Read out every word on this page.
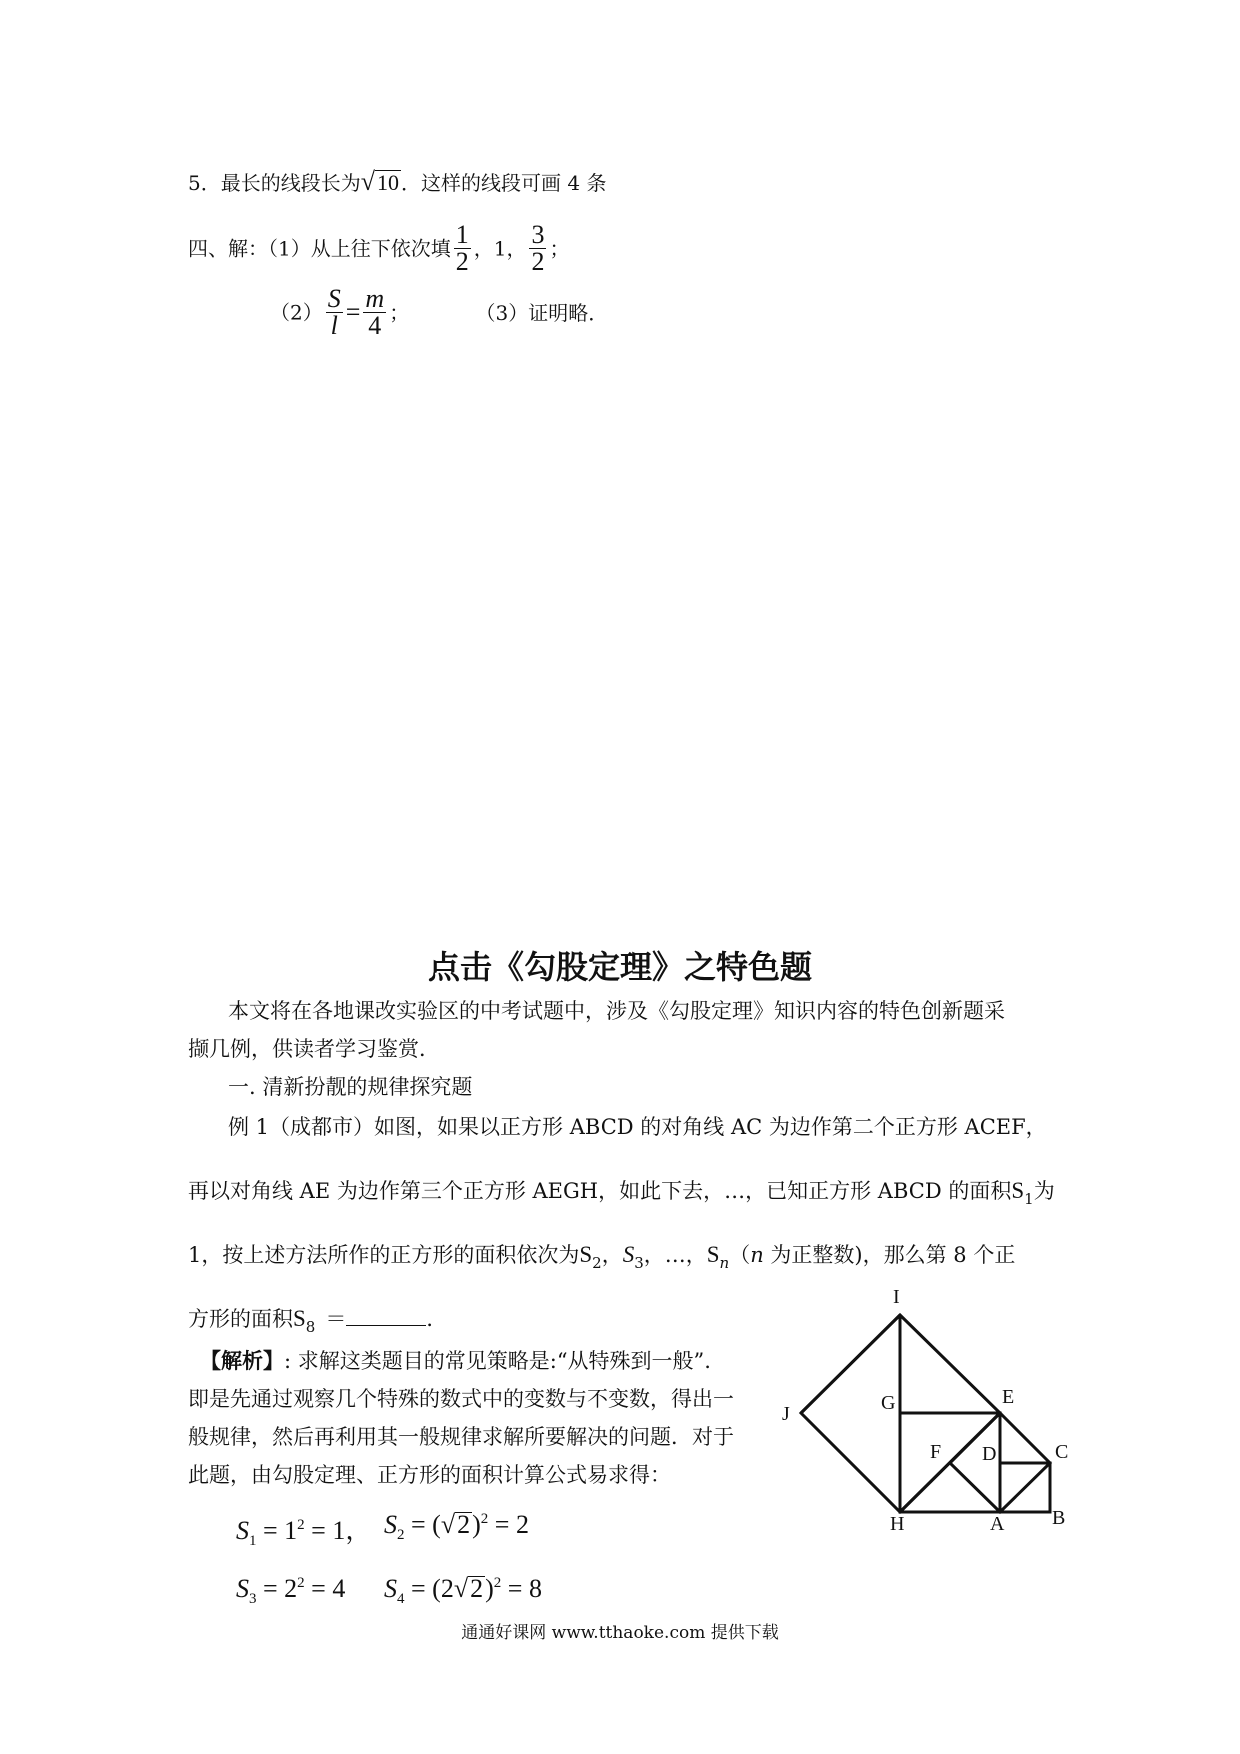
5．最长的线段长为√10 ．这样的线段可画 4 条
四、解：（1）从上往下依次填 $\frac{1}{2}$ ，1， $\frac{3}{2}$ ；
$(2) \frac{S}{l} = \frac{m}{4}$ ；	（3）证明略．
点击《勾股定理》之特色题
本文将在各地课改实验区的中考试题中，涉及《勾股定理》知识内容的特色创新题采
撷几例，供读者学习鉴赏．
一. 清新扮靓的规律探究题
例 1（成都市）如图，如果以正方形 ABCD 的对角线 AC 为边作第二个正方形 ACEF，
再以对角线 AE 为边作第三个正方形 AEGH，如此下去，…，已知正方形 ABCD 的面积$S_1$为
1，按上述方法所作的正方形的面积依次为$S_2$，$S_3$，…，$S_n(n$ 为正整数)，那么第 8 个正
方形的面积$S_8$ ＝	．
【解析】: 求解这类题目的常见策略是:“从特殊到一般”.
即是先通过观察几个特殊的数式中的变数与不变数，得出一
般规律，然后再利用其一般规律求解所要解决的问题．对于
此题，由勾股定理、正方形的面积计算公式易求得：
$S_1 = 1^2 = 1$， $S_2 = (√2)^2 = 2$
$S_3 = 2^2 = 4$ $S_4 = (2√2)^2 = 8$
I
J	G	E
F D	C
H	A B
通通好课网 www.tthaoke.com 提供下载
